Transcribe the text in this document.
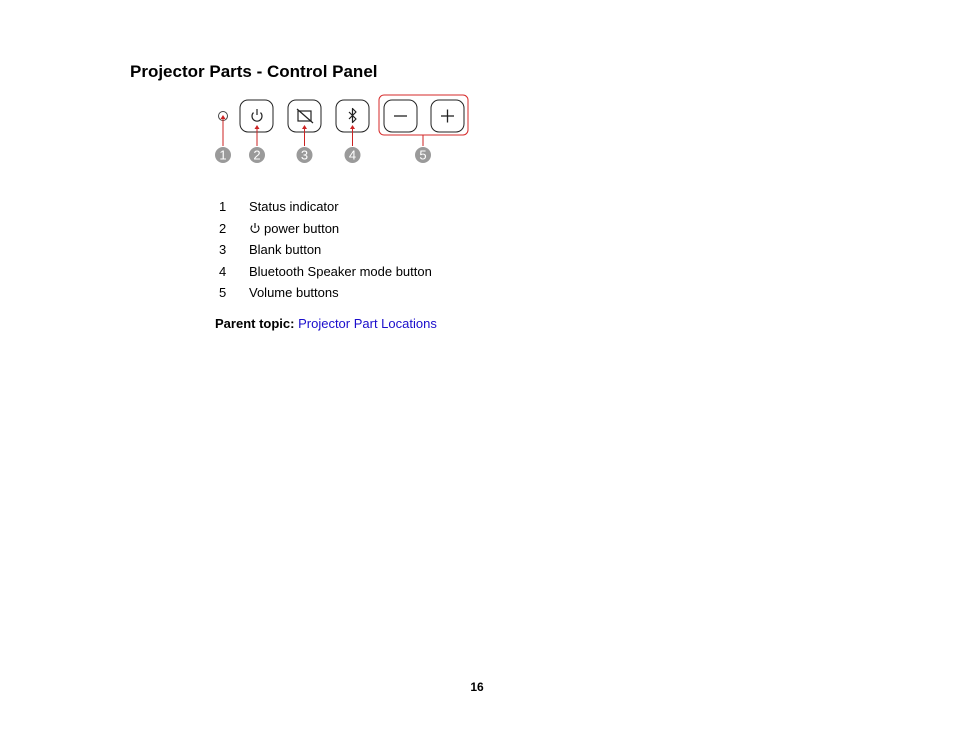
Projector Parts - Control Panel
1 2	3	4	5
1	Status indicator
2	power button
3	Blank button
4	Bluetooth Speaker mode button
5	Volume buttons
Parent topic: Projector Part Locations
16
